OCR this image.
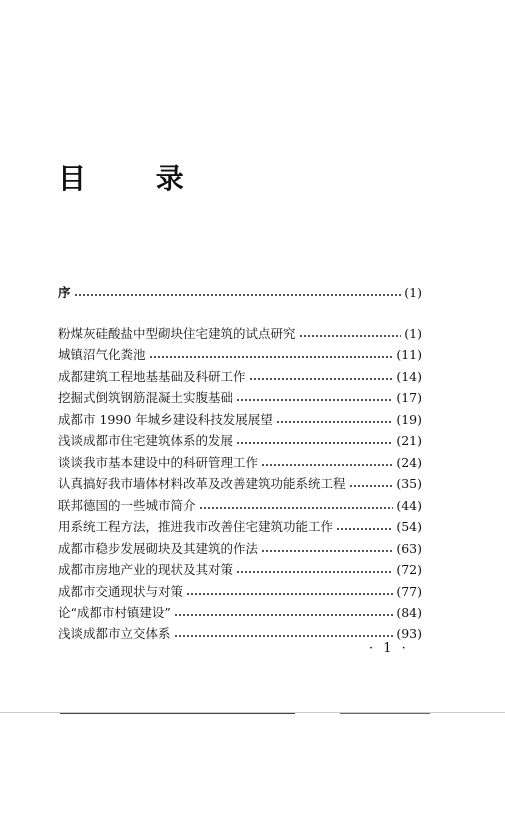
目 录
序	(1)
粉煤灰硅酸盐中型砌块住宅建筑的试点研究	(1)
城镇沼气化粪池	(11)
成都建筑工程地基基础及科研工作	(14)
挖掘式倒筑钢筋混凝土实腹基础	(17)
成都市 1990 年城乡建设科技发展展望	(19)
浅谈成都市住宅建筑体系的发展	(21)
谈谈我市基本建设中的科研管理工作	(24)
认真搞好我市墙体材料改革及改善建筑功能系统工程	(35)
联邦德国的一些城市简介	(44)
用系统工程方法，推进我市改善住宅建筑功能工作	(54)
成都市稳步发展砌块及其建筑的作法	(63)
成都市房地产业的现状及其对策	(72)
成都市交通现状与对策	(77)
论“成都市村镇建设”	(84)
浅谈成都市立交体系	(93)
· 1 ·
